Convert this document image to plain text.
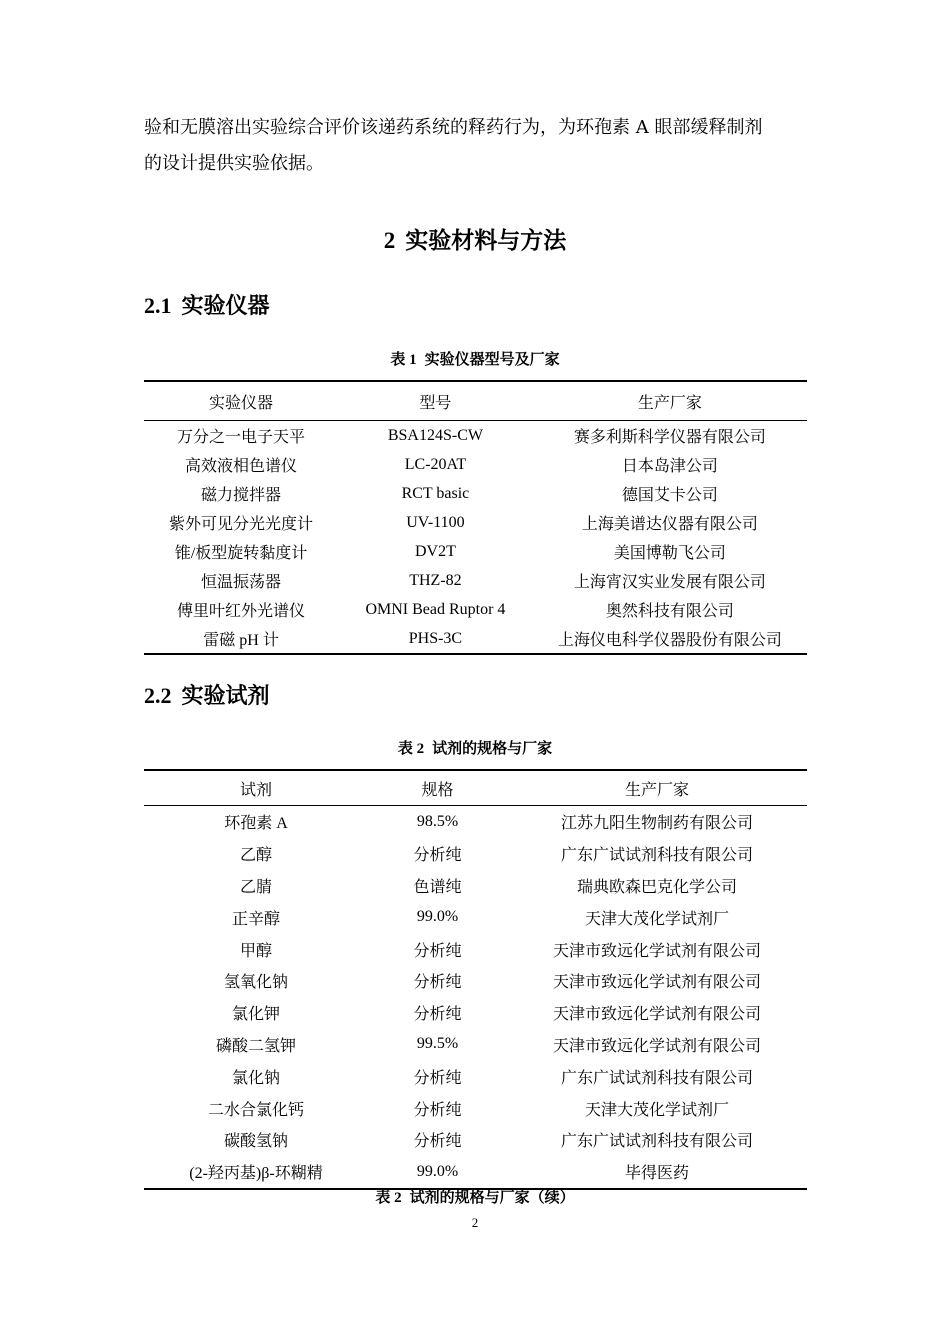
验和无膜溶出实验综合评价该递药系统的释药行为，为环孢素 A 眼部缓释制剂
的设计提供实验依据。

2 实验材料与方法
2.1 实验仪器

表 1 实验仪器型号及厂家

实验仪器	型号	生产厂家
万分之一电子天平	BSA124S-CW	赛多利斯科学仪器有限公司
高效液相色谱仪	LC-20AT	日本岛津公司
磁力搅拌器	RCT basic	德国艾卡公司
紫外可见分光光度计	UV-1100	上海美谱达仪器有限公司
锥/板型旋转黏度计	DV2T	美国博勒飞公司
恒温振荡器	THZ-82	上海宵汉实业发展有限公司
傅里叶红外光谱仪	OMNI Bead Ruptor 4	奥然科技有限公司
雷磁 pH 计	PHS-3C	上海仪电科学仪器股份有限公司
2.2 实验试剂

表 2 试剂的规格与厂家

试剂	规格	生产厂家
环孢素 A	98.5%	江苏九阳生物制药有限公司
乙醇	分析纯	广东广试试剂科技有限公司
乙腈	色谱纯	瑞典欧森巴克化学公司
正辛醇	99.0%	天津大茂化学试剂厂
甲醇	分析纯	天津市致远化学试剂有限公司
氢氧化钠	分析纯	天津市致远化学试剂有限公司
氯化钾	分析纯	天津市致远化学试剂有限公司
磷酸二氢钾	99.5%	天津市致远化学试剂有限公司
氯化钠	分析纯	广东广试试剂科技有限公司
二水合氯化钙	分析纯	天津大茂化学试剂厂
碳酸氢钠	分析纯	广东广试试剂科技有限公司
(2-羟丙基)β-环糊精	99.0%	毕得医药

表 2 试剂的规格与厂家（续）

2
